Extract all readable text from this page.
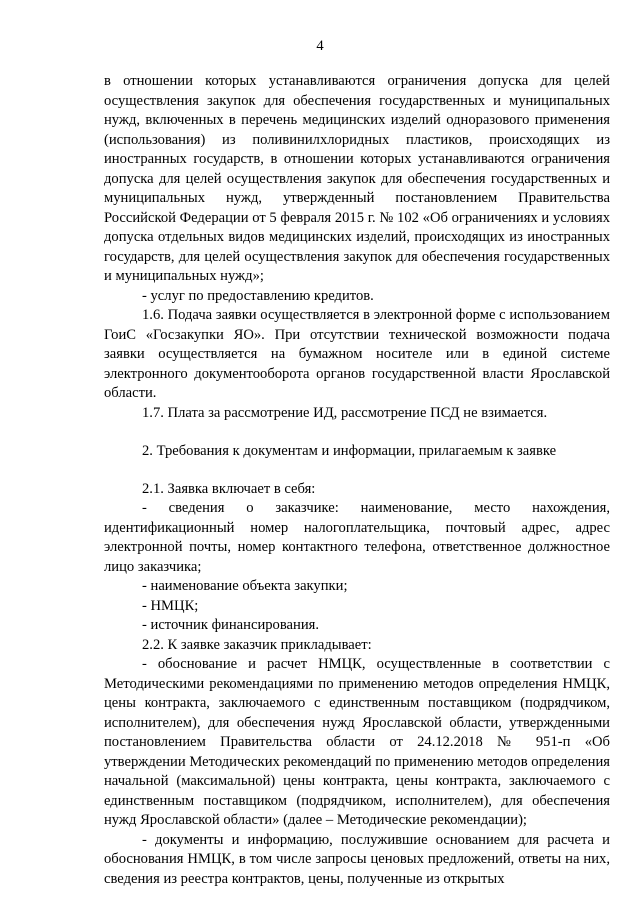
4

в отношении которых устанавливаются ограничения допуска для целей осуществления закупок для обеспечения государственных и муниципальных нужд, включенных в перечень медицинских изделий одноразового применения (использования) из поливинилхлоридных пластиков, происходящих из иностранных государств, в отношении которых устанавливаются ограничения допуска для целей осуществления закупок для обеспечения государственных и муниципальных нужд, утвержденный постановлением Правительства Российской Федерации от 5 февраля 2015 г. № 102 «Об ограничениях и условиях допуска отдельных видов медицинских изделий, происходящих из иностранных государств, для целей осуществления закупок для обеспечения государственных и муниципальных нужд»;

- услуг по предоставлению кредитов.

1.6. Подача заявки осуществляется в электронной форме с использованием ГоиС «Госзакупки ЯО». При отсутствии технической возможности подача заявки осуществляется на бумажном носителе или в единой системе электронного документооборота органов государственной власти Ярославской области.

1.7. Плата за рассмотрение ИД, рассмотрение ПСД не взимается.

2. Требования к документам и информации, прилагаемым к заявке

2.1. Заявка включает в себя:

- сведения о заказчике: наименование, место нахождения, идентификационный номер налогоплательщика, почтовый адрес, адрес электронной почты, номер контактного телефона, ответственное должностное лицо заказчика;

- наименование объекта закупки;

- НМЦК;

- источник финансирования.

2.2. К заявке заказчик прикладывает:

- обоснование и расчет НМЦК, осуществленные в соответствии с Методическими рекомендациями по применению методов определения НМЦК, цены контракта, заключаемого с единственным поставщиком (подрядчиком, исполнителем), для обеспечения нужд Ярославской области, утвержденными постановлением Правительства области от 24.12.2018 № 951-п «Об утверждении Методических рекомендаций по применению методов определения начальной (максимальной) цены контракта, цены контракта, заключаемого с единственным поставщиком (подрядчиком, исполнителем), для обеспечения нужд Ярославской области» (далее – Методические рекомендации);

- документы и информацию, послужившие основанием для расчета и обоснования НМЦК, в том числе запросы ценовых предложений, ответы на них, сведения из реестра контрактов, цены, полученные из открытых
